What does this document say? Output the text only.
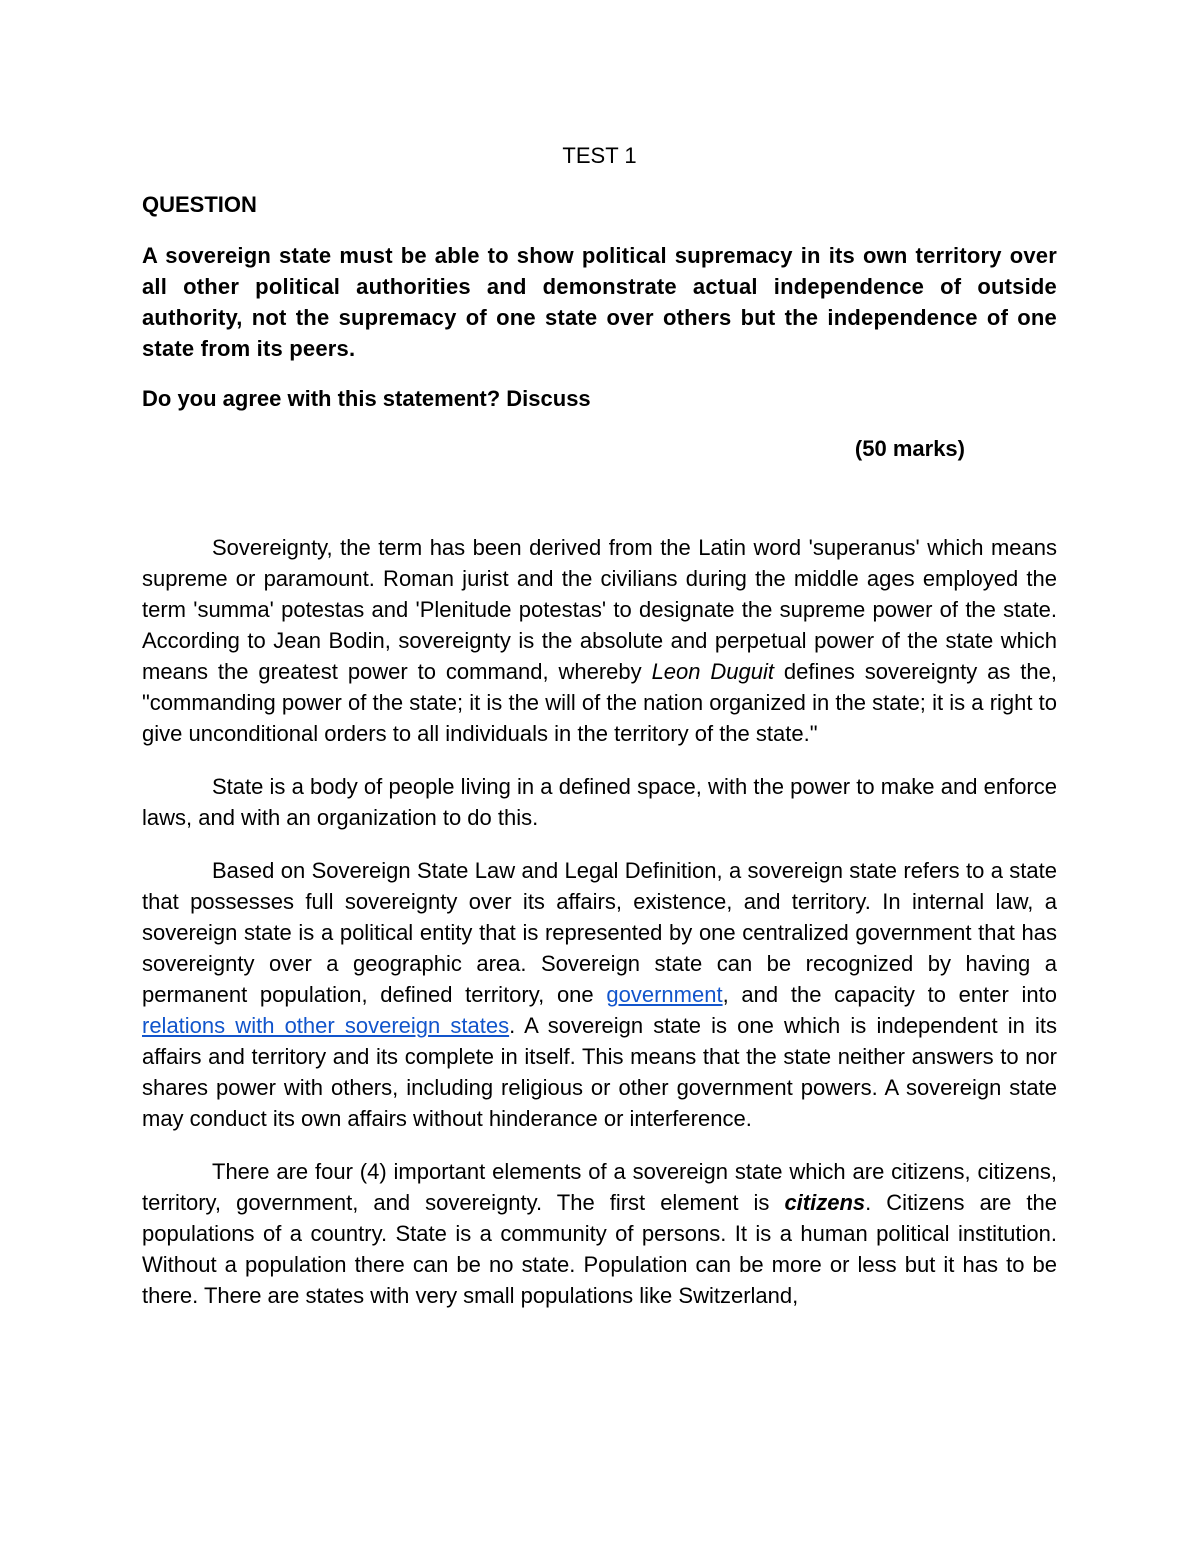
TEST 1
QUESTION
A sovereign state must be able to show political supremacy in its own territory over all other political authorities and demonstrate actual independence of outside authority, not the supremacy of one state over others but the independence of one state from its peers.
Do you agree with this statement? Discuss
(50 marks)

Sovereignty, the term has been derived from the Latin word 'superanus' which means supreme or paramount. Roman jurist and the civilians during the middle ages employed the term 'summa' potestas and 'Plenitude potestas' to designate the supreme power of the state. According to Jean Bodin, sovereignty is the absolute and perpetual power of the state which means the greatest power to command, whereby Leon Duguit defines sovereignty as the, "commanding power of the state; it is the will of the nation organized in the state; it is a right to give unconditional orders to all individuals in the territory of the state."

State is a body of people living in a defined space, with the power to make and enforce laws, and with an organization to do this.

Based on Sovereign State Law and Legal Definition, a sovereign state refers to a state that possesses full sovereignty over its affairs, existence, and territory. In internal law, a sovereign state is a political entity that is represented by one centralized government that has sovereignty over a geographic area. Sovereign state can be recognized by having a permanent population, defined territory, one government, and the capacity to enter into relations with other sovereign states. A sovereign state is one which is independent in its affairs and territory and its complete in itself. This means that the state neither answers to nor shares power with others, including religious or other government powers. A sovereign state may conduct its own affairs without hinderance or interference.

There are four (4) important elements of a sovereign state which are citizens, citizens, territory, government, and sovereignty. The first element is citizens. Citizens are the populations of a country. State is a community of persons. It is a human political institution. Without a population there can be no state. Population can be more or less but it has to be there. There are states with very small populations like Switzerland,
